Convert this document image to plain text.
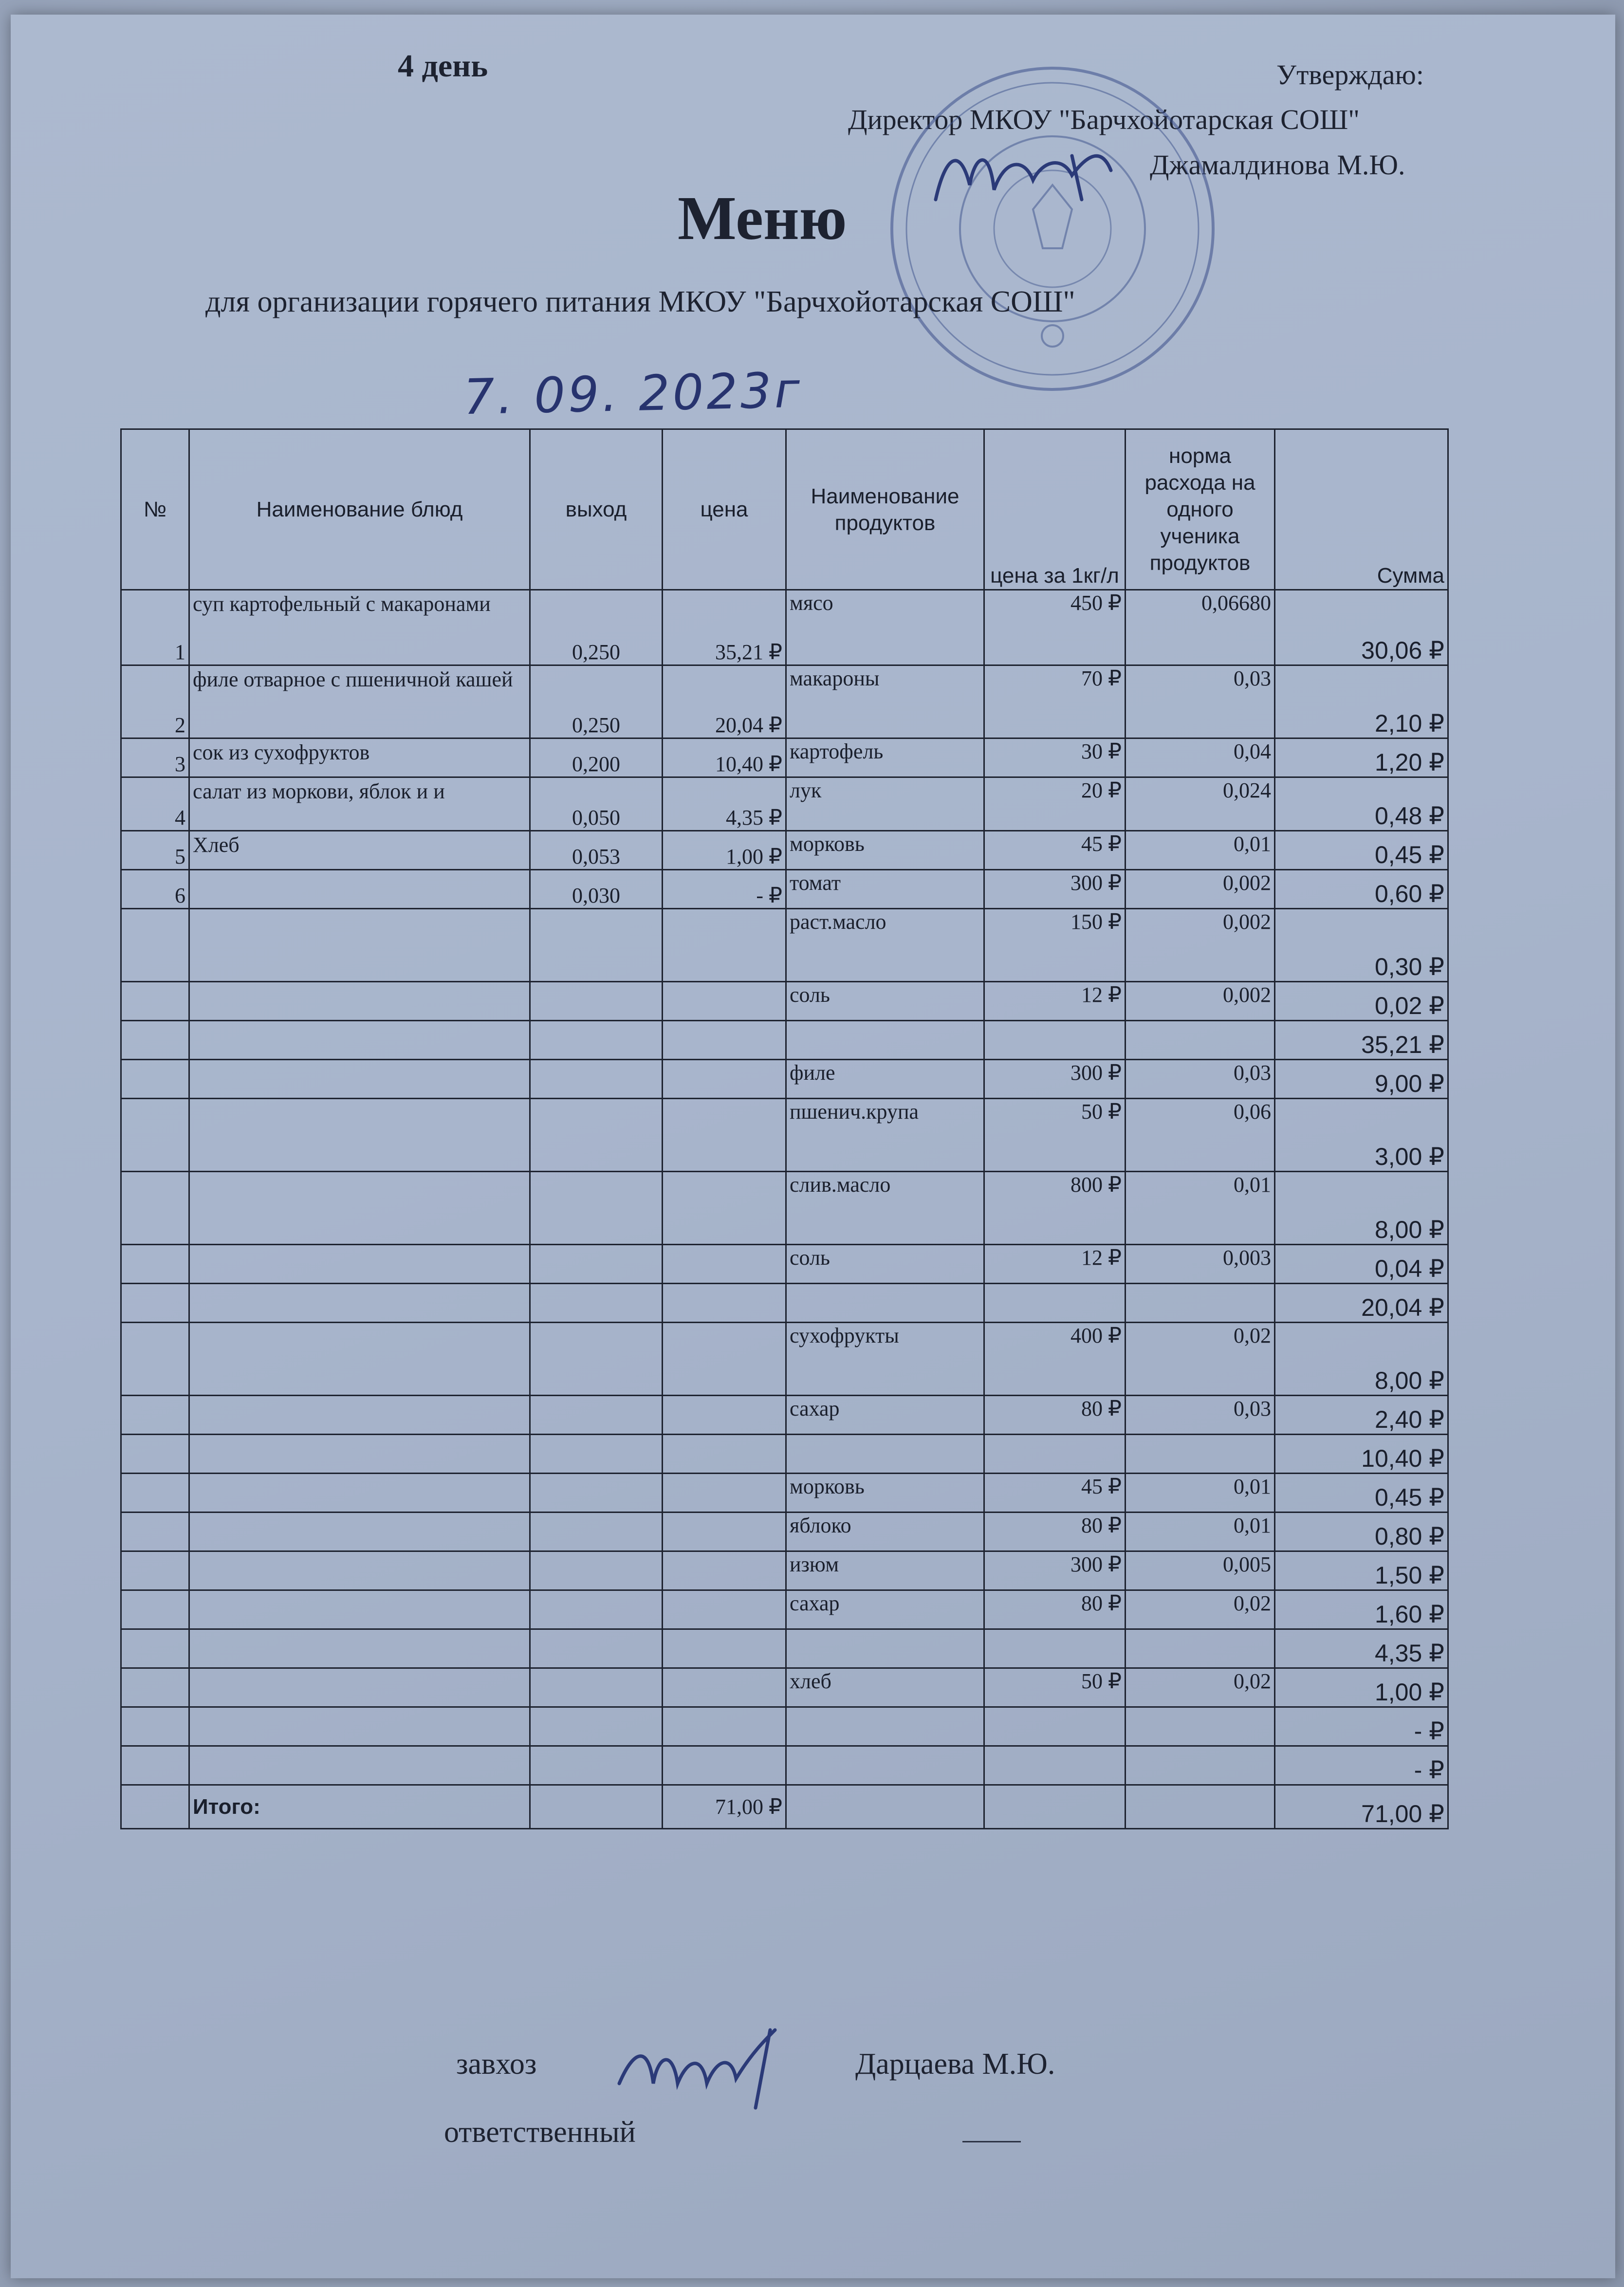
4 день	Утверждаю:
Директор МКОУ "Барчхойотарская СОШ"
Джамалдинова М.Ю.
Меню
для организации горячего питания МКОУ "Барчхойотарская СОШ"
7. 09. 2023г
№	Наименование блюд	выход	цена	Наименование продуктов	цена за 1кг/л	норма расхода на одного ученика продуктов	Сумма
1	суп картофельный с макаронами	0,250	35,21 ₽	мясо	450 ₽	0,06680	30,06 ₽
2	филе отварное с пшеничной кашей	0,250	20,04 ₽	макароны	70 ₽	0,03	2,10 ₽
3	сок из сухофруктов	0,200	10,40 ₽	картофель	30 ₽	0,04	1,20 ₽
4	салат из моркови, яблок и и	0,050	4,35 ₽	лук	20 ₽	0,024	0,48 ₽
5	Хлеб	0,053	1,00 ₽	морковь	45 ₽	0,01	0,45 ₽
6		0,030	- ₽	томат	300 ₽	0,002	0,60 ₽
				раст.масло	150 ₽	0,002	0,30 ₽
				соль	12 ₽	0,002	0,02 ₽
							35,21 ₽
				филе	300 ₽	0,03	9,00 ₽
				пшенич.крупа	50 ₽	0,06	3,00 ₽
				слив.масло	800 ₽	0,01	8,00 ₽
				соль	12 ₽	0,003	0,04 ₽
							20,04 ₽
				сухофрукты	400 ₽	0,02	8,00 ₽
				сахар	80 ₽	0,03	2,40 ₽
							10,40 ₽
				морковь	45 ₽	0,01	0,45 ₽
				яблоко	80 ₽	0,01	0,80 ₽
				изюм	300 ₽	0,005	1,50 ₽
				сахар	80 ₽	0,02	1,60 ₽
							4,35 ₽
				хлеб	50 ₽	0,02	1,00 ₽
							- ₽
							- ₽
	Итого:		71,00 ₽				71,00 ₽
завхоз	Дарцаева М.Ю.
ответственный
